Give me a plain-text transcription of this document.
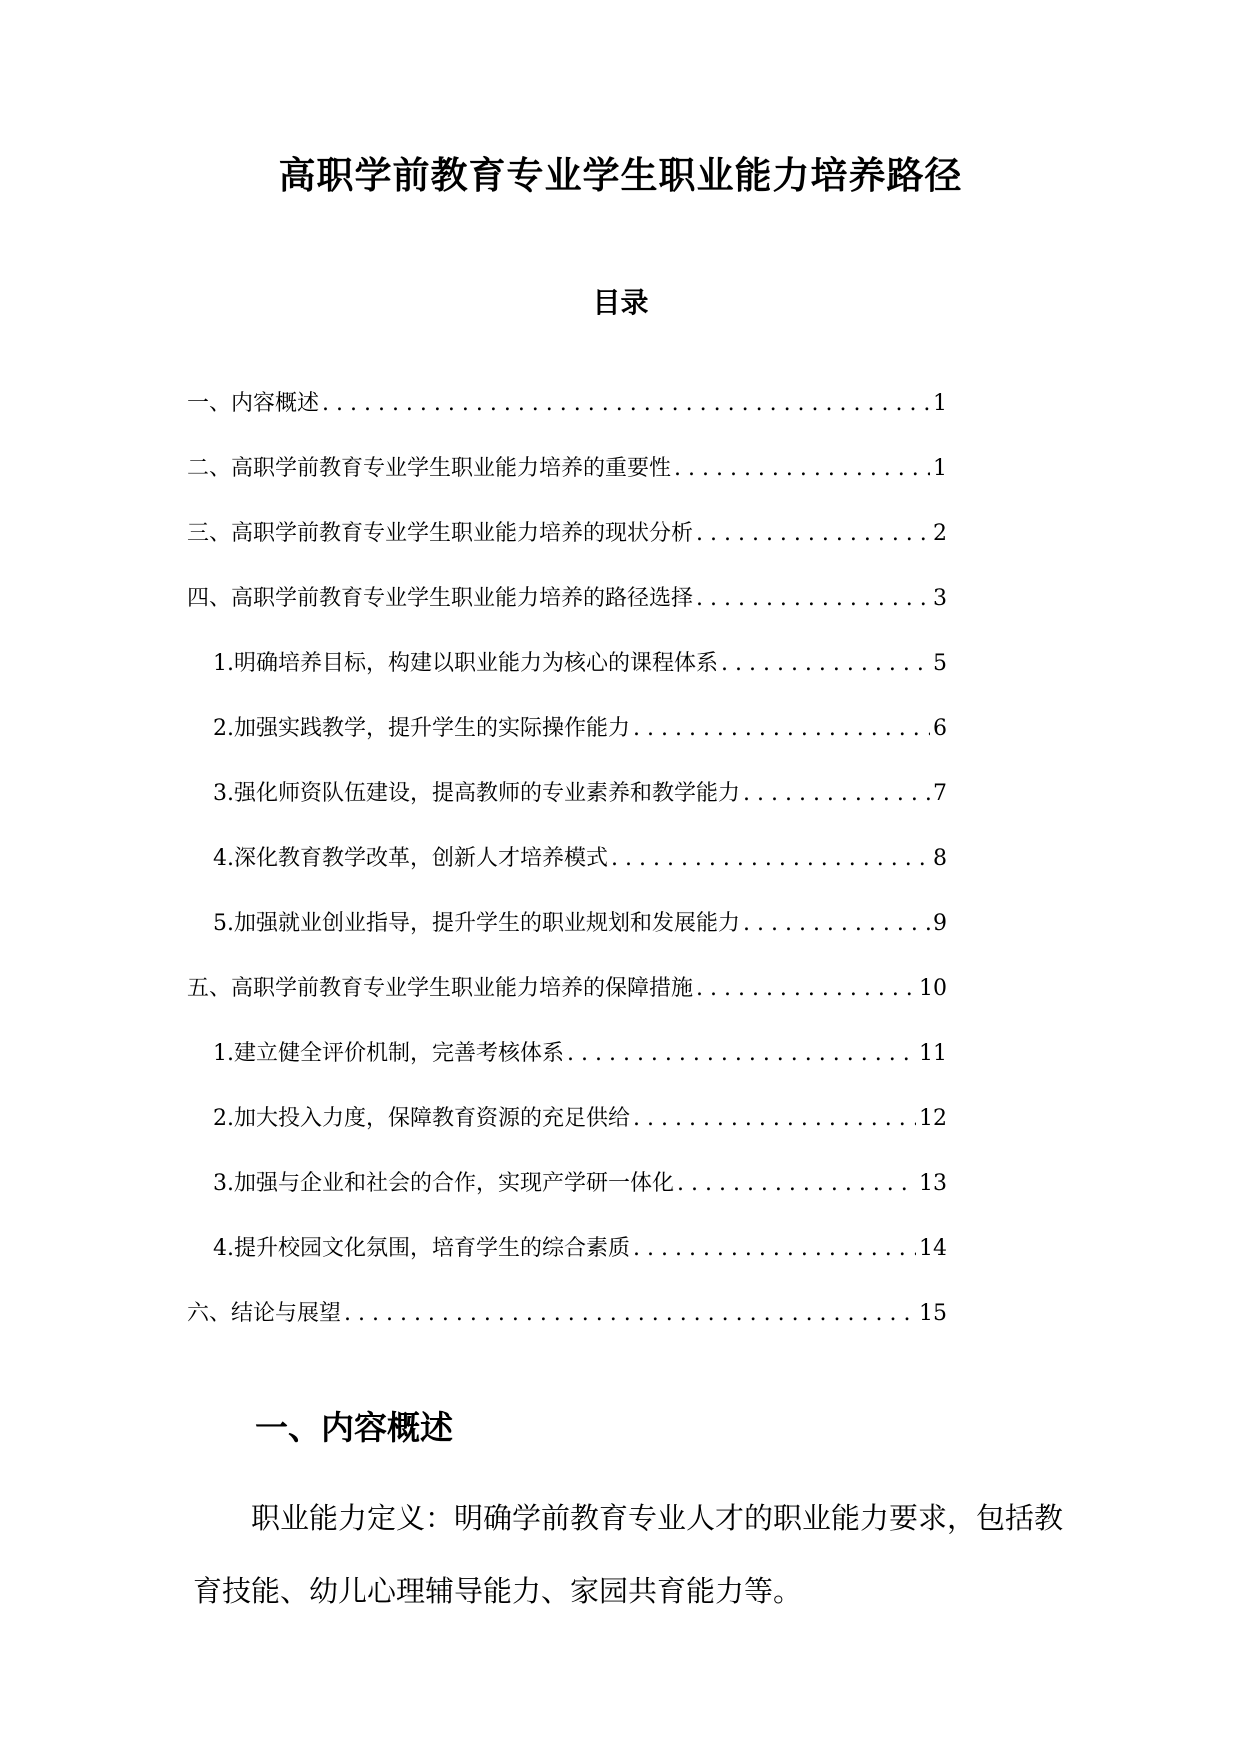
高职学前教育专业学生职业能力培养路径
目录
一、内容概述 . . .	1
二、高职学前教育专业学生职业能力培养的重要性 . . .	1
三、高职学前教育专业学生职业能力培养的现状分析 . . .	2
四、高职学前教育专业学生职业能力培养的路径选择 . . .	3
1. 明确培养目标，构建以职业能力为核心的课程体系 . . .	5
2. 加强实践教学，提升学生的实际操作能力 . . .	6
3. 强化师资队伍建设，提高教师的专业素养和教学能力 . . .	7
4. 深化教育教学改革，创新人才培养模式 . . .	8
5. 加强就业创业指导，提升学生的职业规划和发展能力 . . .	9
五、高职学前教育专业学生职业能力培养的保障措施 . . .	10
1. 建立健全评价机制，完善考核体系 . . .	11
2. 加大投入力度，保障教育资源的充足供给 . . .	12
3. 加强与企业和社会的合作，实现产学研一体化 . . .	13
4. 提升校园文化氛围，培育学生的综合素质 . . .	14
六、结论与展望 . . .	15
一、内容概述

职业能力定义：明确学前教育专业人才的职业能力要求，包括教育技能、幼儿心理辅导能力、家园共育能力等。
